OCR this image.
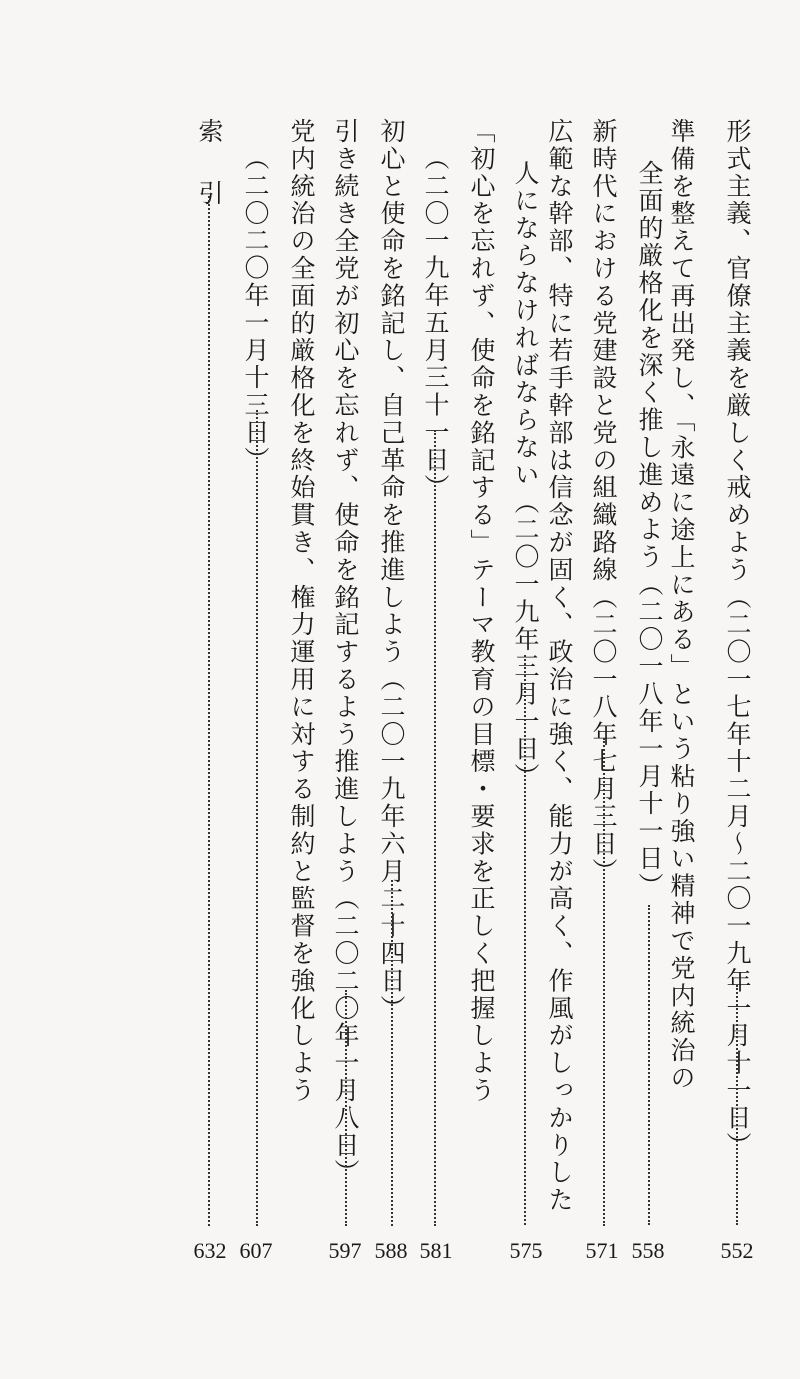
形式主義、官僚主義を厳しく戒めよう（二〇一七年十二月〜二〇一九年一月十一日）
552
準備を整えて再出発し、「永遠に途上にある」という粘り強い精神で党内統治の
全面的厳格化を深く推し進めよう（二〇一八年一月十一日）
558
新時代における党建設と党の組織路線（二〇一八年七月三日）
571
広範な幹部、特に若手幹部は信念が固く、政治に強く、能力が高く、作風がしっかりした
人にならなければならない（二〇一九年三月一日）
575
「初心を忘れず、使命を銘記する」テーマ教育の目標・要求を正しく把握しよう
（二〇一九年五月三十一日）
581
初心と使命を銘記し、自己革命を推進しよう（二〇一九年六月二十四日）
588
引き続き全党が初心を忘れず、使命を銘記するよう推進しよう（二〇二〇年一月八日）
597
党内統治の全面的厳格化を終始貫き、権力運用に対する制約と監督を強化しよう
（二〇二〇年一月十三日）
607
索　引
632
